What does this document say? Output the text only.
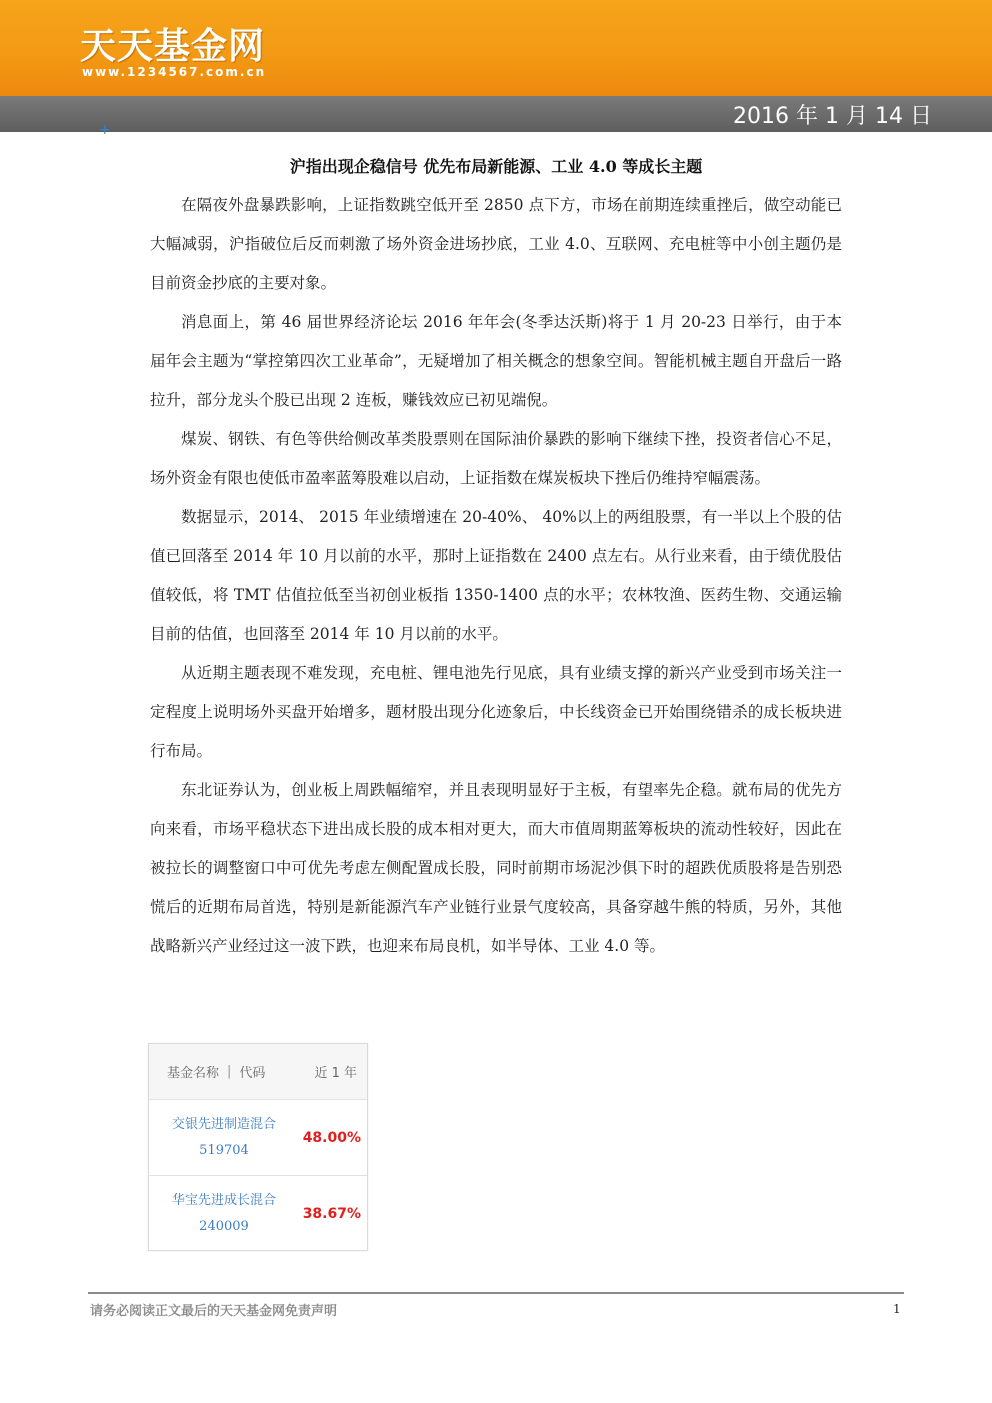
天天基金网
www.1234567.com.cn
2016 年 1 月 14 日
+
沪指出现企稳信号 优先布局新能源、工业 4.0 等成长主题

在隔夜外盘暴跌影响，上证指数跳空低开至 2850 点下方，市场在前期连续重挫后，做空动能已大幅减弱，沪指破位后反而刺激了场外资金进场抄底，工业 4.0、互联网、充电桩等中小创主题仍是目前资金抄底的主要对象。

消息面上，第 46 届世界经济论坛 2016 年年会(冬季达沃斯)将于 1 月 20-23 日举行，由于本届年会主题为“掌控第四次工业革命”，无疑增加了相关概念的想象空间。智能机械主题自开盘后一路拉升，部分龙头个股已出现 2 连板，赚钱效应已初见端倪。

煤炭、钢铁、有色等供给侧改革类股票则在国际油价暴跌的影响下继续下挫，投资者信心不足，场外资金有限也使低市盈率蓝筹股难以启动，上证指数在煤炭板块下挫后仍维持窄幅震荡。

数据显示，2014、 2015 年业绩增速在 20-40%、 40%以上的两组股票，有一半以上个股的估值已回落至 2014 年 10 月以前的水平，那时上证指数在 2400 点左右。从行业来看，由于绩优股估值较低，将 TMT 估值拉低至当初创业板指 1350-1400 点的水平；农林牧渔、医药生物、交通运输目前的估值，也回落至 2014 年 10 月以前的水平。

从近期主题表现不难发现，充电桩、锂电池先行见底，具有业绩支撑的新兴产业受到市场关注一定程度上说明场外买盘开始增多，题材股出现分化迹象后，中长线资金已开始围绕错杀的成长板块进行布局。

东北证券认为，创业板上周跌幅缩窄，并且表现明显好于主板，有望率先企稳。就布局的优先方向来看，市场平稳状态下进出成长股的成本相对更大，而大市值周期蓝筹板块的流动性较好，因此在被拉长的调整窗口中可优先考虑左侧配置成长股，同时前期市场泥沙俱下时的超跌优质股将是告别恐慌后的近期布局首选，特别是新能源汽车产业链行业景气度较高，具备穿越牛熊的特质，另外，其他战略新兴产业经过这一波下跌，也迎来布局良机，如半导体、工业 4.0 等。

基金名称 | 代码	近 1 年
交银先进制造混合
519704
48.00%
华宝先进成长混合
240009
38.67%
请务必阅读正文最后的天天基金网免责声明	1
